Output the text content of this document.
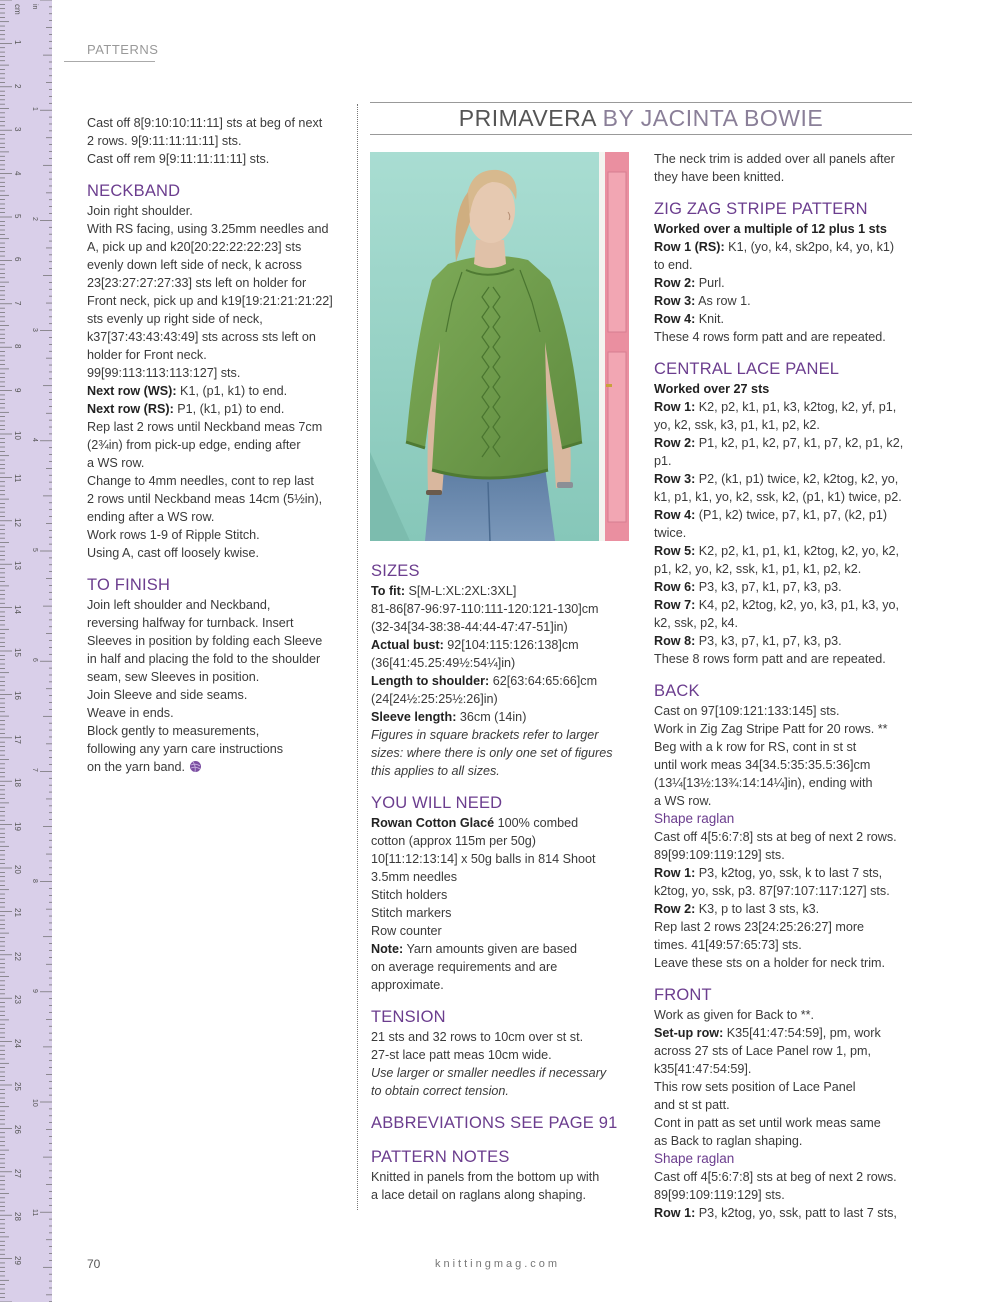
cm in
1
2
3
4
5
6
7
8
9
10
11
12
13
14
15
16
17
18
19
20
21
22
23
24
25
26
27
28
29
1
2
3
4
5
6
7
8
9
10
11
PATTERNS

Cast off 8[9:10:10:11:11] sts at beg of next

2 rows. 9[9:11:11:11:11] sts.

Cast off rem 9[9:11:11:11:11] sts.

NECKBAND

Join right shoulder.

With RS facing, using 3.25mm needles and

A, pick up and k20[20:22:22:22:23] sts

evenly down left side of neck, k across

23[23:27:27:27:33] sts left on holder for

Front neck, pick up and k19[19:21:21:21:22]

sts evenly up right side of neck,

k37[37:43:43:43:49] sts across sts left on

holder for Front neck.

99[99:113:113:113:127] sts.

Next row (WS): K1, (p1, k1) to end.

Next row (RS): P1, (k1, p1) to end.

Rep last 2 rows until Neckband meas 7cm

(2¾in) from pick-up edge, ending after

a WS row.

Change to 4mm needles, cont to rep last

2 rows until Neckband meas 14cm (5½in),

ending after a WS row.

Work rows 1-9 of Ripple Stitch.

Using A, cast off loosely kwise.

TO FINISH

Join left shoulder and Neckband,

reversing halfway for turnback. Insert

Sleeves in position by folding each Sleeve

in half and placing the fold to the shoulder

seam, sew Sleeves in position.

Join Sleeve and side seams.

Weave in ends.

Block gently to measurements,

following any yarn care instructions

on the yarn band.

PRIMAVERA BY JACINTA BOWIE
SIZES

To fit: S[M-L:XL:2XL:3XL]

81-86[87-96:97-110:111-120:121-130]cm

(32-34[34-38:38-44:44-47:47-51]in)

Actual bust: 92[104:115:126:138]cm

(36[41:45.25:49½:54¼]in)

Length to shoulder: 62[63:64:65:66]cm

(24[24½:25:25½:26]in)

Sleeve length: 36cm (14in)

Figures in square brackets refer to larger

sizes: where there is only one set of figures

this applies to all sizes.

YOU WILL NEED

Rowan Cotton Glacé 100% combed

cotton (approx 115m per 50g)

10[11:12:13:14] x 50g balls in 814 Shoot

3.5mm needles

Stitch holders

Stitch markers

Row counter

Note: Yarn amounts given are based

on average requirements and are

approximate.

TENSION

21 sts and 32 rows to 10cm over st st.

27-st lace patt meas 10cm wide.

Use larger or smaller needles if necessary

to obtain correct tension.

ABBREVIATIONS SEE PAGE 91
PATTERN NOTES

Knitted in panels from the bottom up with

a lace detail on raglans along shaping.

The neck trim is added over all panels after

they have been knitted.

ZIG ZAG STRIPE PATTERN

Worked over a multiple of 12 plus 1 sts

Row 1 (RS): K1, (yo, k4, sk2po, k4, yo, k1)

to end.

Row 2: Purl.

Row 3: As row 1.

Row 4: Knit.

These 4 rows form patt and are repeated.

CENTRAL LACE PANEL

Worked over 27 sts

Row 1: K2, p2, k1, p1, k3, k2tog, k2, yf, p1,

yo, k2, ssk, k3, p1, k1, p2, k2.

Row 2: P1, k2, p1, k2, p7, k1, p7, k2, p1, k2, p1.

Row 3: P2, (k1, p1) twice, k2, k2tog, k2, yo,

k1, p1, k1, yo, k2, ssk, k2, (p1, k1) twice, p2.

Row 4: (P1, k2) twice, p7, k1, p7, (k2, p1)

twice.

Row 5: K2, p2, k1, p1, k1, k2tog, k2, yo, k2,

p1, k2, yo, k2, ssk, k1, p1, k1, p2, k2.

Row 6: P3, k3, p7, k1, p7, k3, p3.

Row 7: K4, p2, k2tog, k2, yo, k3, p1, k3, yo,

k2, ssk, p2, k4.

Row 8: P3, k3, p7, k1, p7, k3, p3.

These 8 rows form patt and are repeated.

BACK

Cast on 97[109:121:133:145] sts.

Work in Zig Zag Stripe Patt for 20 rows. **

Beg with a k row for RS, cont in st st

until work meas 34[34.5:35:35.5:36]cm

(13¼[13½:13¾:14:14¼]in), ending with

a WS row.

Shape raglan

Cast off 4[5:6:7:8] sts at beg of next 2 rows.

89[99:109:119:129] sts.

Row 1: P3, k2tog, yo, ssk, k to last 7 sts,

k2tog, yo, ssk, p3. 87[97:107:117:127] sts.

Row 2: K3, p to last 3 sts, k3.

Rep last 2 rows 23[24:25:26:27] more

times. 41[49:57:65:73] sts.

Leave these sts on a holder for neck trim.

FRONT

Work as given for Back to **.

Set-up row: K35[41:47:54:59], pm, work

across 27 sts of Lace Panel row 1, pm,

k35[41:47:54:59].

This row sets position of Lace Panel

and st st patt.

Cont in patt as set until work meas same

as Back to raglan shaping.

Shape raglan

Cast off 4[5:6:7:8] sts at beg of next 2 rows.

89[99:109:119:129] sts.

Row 1: P3, k2tog, yo, ssk, patt to last 7 sts,

70	knittingmag.com
